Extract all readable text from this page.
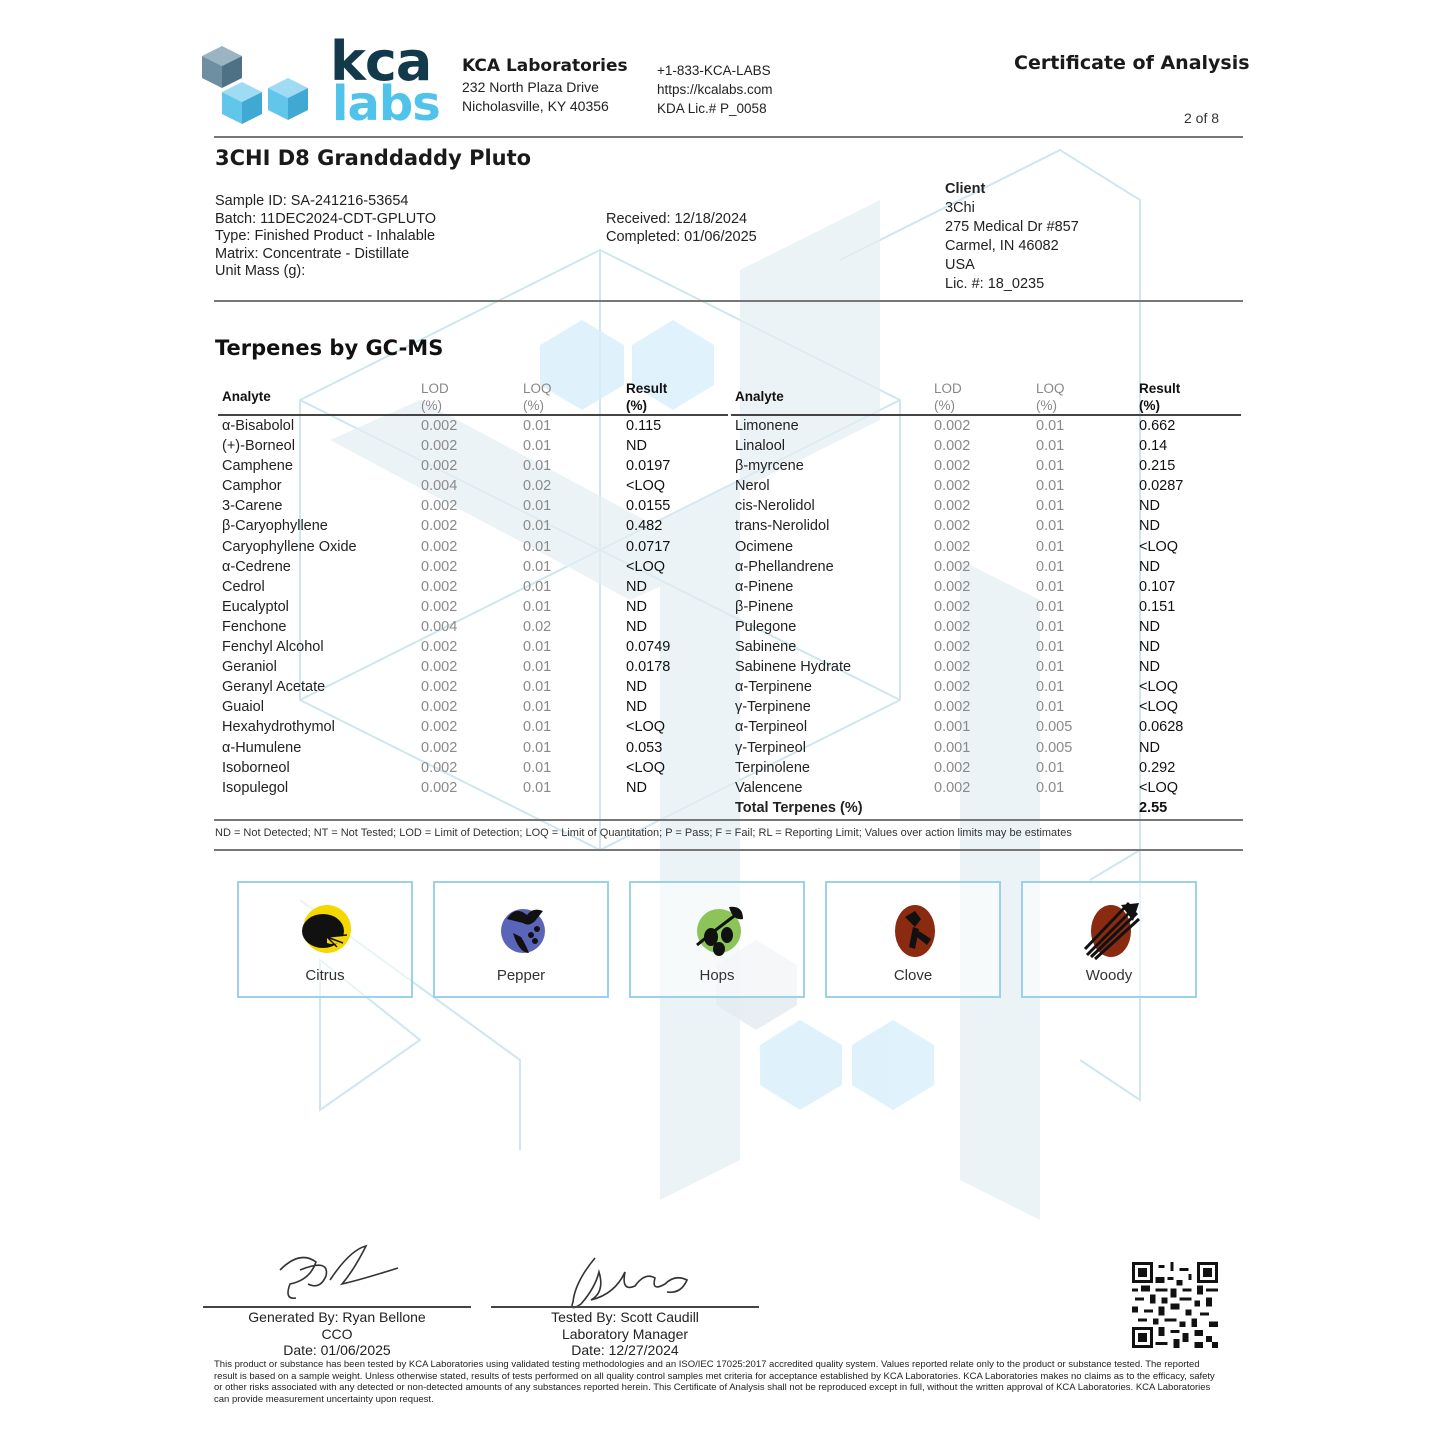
kca
labs
KCA Laboratories
232 North Plaza Drive
Nicholasville, KY 40356
+1-833-KCA-LABS
https://kcalabs.com
KDA Lic.# P_0058
Certificate of Analysis
2 of 8
3CHI D8 Granddaddy Pluto
Sample ID: SA-241216-53654
Batch: 11DEC2024-CDT-GPLUTO
Type: Finished Product - Inhalable
Matrix: Concentrate - Distillate
Unit Mass (g):
Received: 12/18/2024
Completed: 01/06/2025
Client
3Chi
275 Medical Dr #857
Carmel, IN 46082
USA
Lic. #: 18_0235
Terpenes by GC-MS
Analyte
LOD
(%)
LOQ
(%)
Result
(%)
α-Bisabolol	0.002	0.01	0.115
(+)-Borneol	0.002	0.01	ND
Camphene	0.002	0.01	0.0197
Camphor	0.004	0.02	<LOQ
3-Carene	0.002	0.01	0.0155
β-Caryophyllene	0.002	0.01	0.482
Caryophyllene Oxide	0.002	0.01	0.0717
α-Cedrene	0.002	0.01	<LOQ
Cedrol	0.002	0.01	ND
Eucalyptol	0.002	0.01	ND
Fenchone	0.004	0.02	ND
Fenchyl Alcohol	0.002	0.01	0.0749
Geraniol	0.002	0.01	0.0178
Geranyl Acetate	0.002	0.01	ND
Guaiol	0.002	0.01	ND
Hexahydrothymol	0.002	0.01	<LOQ
α-Humulene	0.002	0.01	0.053
Isoborneol	0.002	0.01	<LOQ
Isopulegol	0.002	0.01	ND
Analyte
LOD
(%)
LOQ
(%)
Result
(%)
Limonene	0.002	0.01	0.662
Linalool	0.002	0.01	0.14
β-myrcene	0.002	0.01	0.215
Nerol	0.002	0.01	0.0287
cis-Nerolidol	0.002	0.01	ND
trans-Nerolidol	0.002	0.01	ND
Ocimene	0.002	0.01	<LOQ
α-Phellandrene	0.002	0.01	ND
α-Pinene	0.002	0.01	0.107
β-Pinene	0.002	0.01	0.151
Pulegone	0.002	0.01	ND
Sabinene	0.002	0.01	ND
Sabinene Hydrate	0.002	0.01	ND
α-Terpinene	0.002	0.01	<LOQ
γ-Terpinene	0.002	0.01	<LOQ
α-Terpineol	0.001	0.005	0.0628
γ-Terpineol	0.001	0.005	ND
Terpinolene	0.002	0.01	0.292
Valencene	0.002	0.01	<LOQ
Total Terpenes (%)	2.55
ND = Not Detected; NT = Not Tested; LOD = Limit of Detection; LOQ = Limit of Quantitation; P = Pass; F = Fail; RL = Reporting Limit; Values over action limits may be estimates
Citrus	Pepper	Hops	Clove	Woody
Generated By: Ryan Bellone
CCO
Date: 01/06/2025
Tested By: Scott Caudill
Laboratory Manager
Date: 12/27/2024
This product or substance has been tested by KCA Laboratories using validated testing methodologies and an ISO/IEC 17025:2017 accredited quality system. Values reported relate only to the product or substance tested. The reported result is based on a sample weight. Unless otherwise stated, results of tests performed on all quality control samples met criteria for acceptance established by KCA Laboratories. KCA Laboratories makes no claims as to the efficacy, safety or other risks associated with any detected or non-detected amounts of any substances reported herein. This Certificate of Analysis shall not be reproduced except in full, without the written approval of KCA Laboratories. KCA Laboratories can provide measurement uncertainty upon request.
